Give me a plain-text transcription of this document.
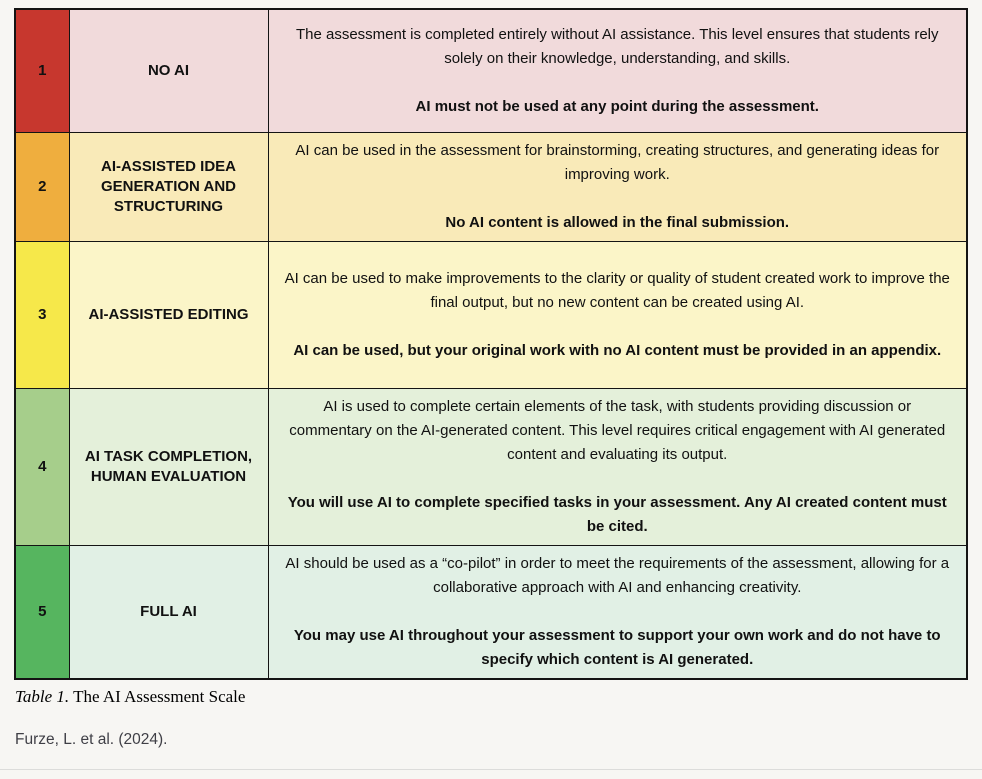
1	NO AI	The assessment is completed entirely without AI assistance. This level ensures that students rely solely on their knowledge, understanding, and skills.

AI must not be used at any point during the assessment.

2	AI-ASSISTED IDEA GENERATION AND STRUCTURING	AI can be used in the assessment for brainstorming, creating structures, and generating ideas for improving work.

No AI content is allowed in the final submission.

3	AI-ASSISTED EDITING	AI can be used to make improvements to the clarity or quality of student created work to improve the final output, but no new content can be created using AI.

AI can be used, but your original work with no AI content must be provided in an appendix.

4	AI TASK COMPLETION, HUMAN EVALUATION	AI is used to complete certain elements of the task, with students providing discussion or commentary on the AI-generated content. This level requires critical engagement with AI generated content and evaluating its output.

You will use AI to complete specified tasks in your assessment. Any AI created content must be cited.

5	FULL AI	AI should be used as a “co-pilot” in order to meet the requirements of the assessment, allowing for a collaborative approach with AI and enhancing creativity.

You may use AI throughout your assessment to support your own work and do not have to specify which content is AI generated.

Table 1. The AI Assessment Scale
Furze, L. et al. (2024).
